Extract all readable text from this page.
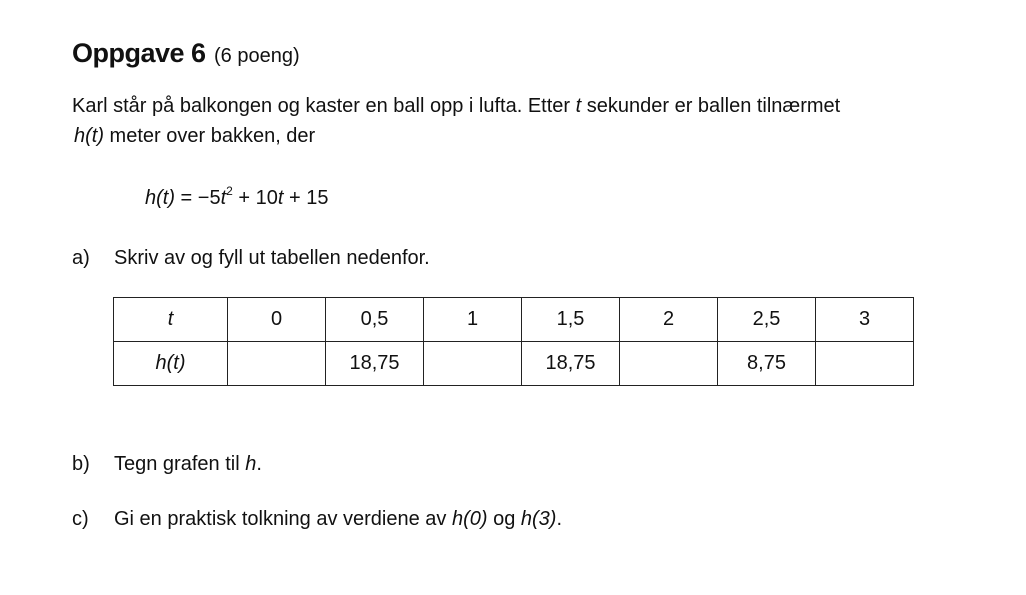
Oppgave 6 (6 poeng)
Karl står på balkongen og kaster en ball opp i lufta. Etter t sekunder er ballen tilnærmet
h(t) meter over bakken, der
$h(t) = -5t^2 + 10t + 15$
a) Skriv av og fyll ut tabellen nedenfor.
t	0	0,5	1	1,5	2	2,5	3
h(t)		18,75		18,75		8,75	
b) Tegn grafen til h.
c) Gi en praktisk tolkning av verdiene av h(0) og h(3).
